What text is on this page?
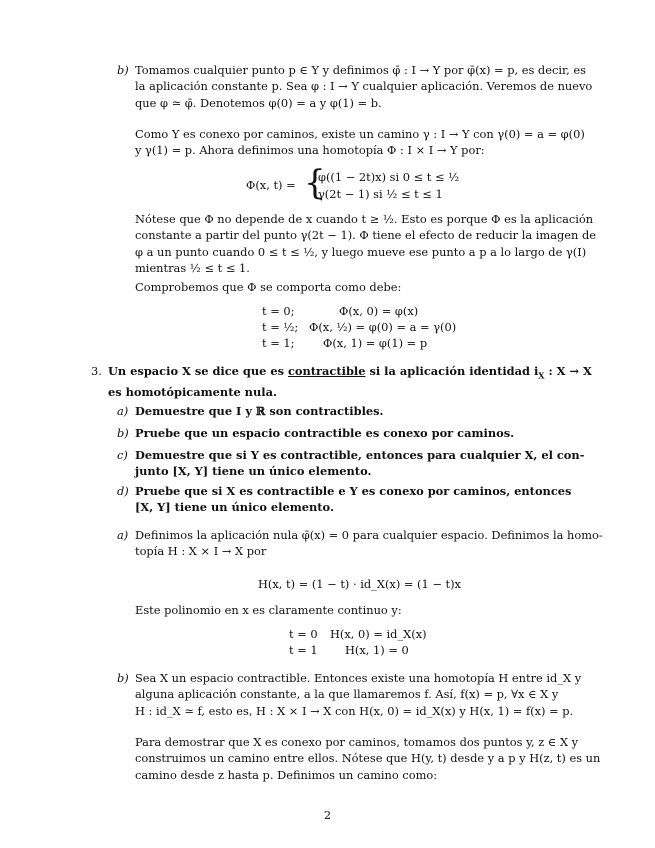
b) Tomamos cualquier punto p ∈ Y y definimos φ̄ : I → Y por φ̄(x) = p, es decir, es
la aplicación constante p. Sea φ : I → Y cualquier aplicación. Veremos de nuevo
que φ ≃ φ̄. Denotemos φ(0) = a y φ(1) = b.
Como Y es conexo por caminos, existe un camino γ : I → Y con γ(0) = a = φ(0)
y γ(1) = p. Ahora definimos una homotopía Φ : I × I → Y por:
Φ(x, t) = {
φ((1 − 2t)x) si 0 ≤ t ≤ ½
γ(2t − 1) si ½ ≤ t ≤ 1
Nótese que Φ no depende de x cuando t ≥ ½. Esto es porque Φ es la aplicación
constante a partir del punto γ(2t − 1). Φ tiene el efecto de reducir la imagen de
φ a un punto cuando 0 ≤ t ≤ ½, y luego mueve ese punto a p a lo largo de γ(I)
mientras ½ ≤ t ≤ 1.
Comprobemos que Φ se comporta como debe:
t = 0;	Φ(x, 0) = φ(x)
t = ½; Φ(x, ½) = φ(0) = a = γ(0)
t = 1;	Φ(x, 1) = φ(1) = p
3. Un espacio X se dice que es contractible si la aplicación identidad $i_X$ : X → X
es homotópicamente nula.
a) Demuestre que I y ℝ son contractibles.
b) Pruebe que un espacio contractible es conexo por caminos.
c) Demuestre que si Y es contractible, entonces para cualquier X, el con-
junto [X, Y] tiene un único elemento.
d) Pruebe que si X es contractible e Y es conexo por caminos, entonces
[X, Y] tiene un único elemento.
a) Definimos la aplicación nula φ̄(x) = 0 para cualquier espacio. Definimos la homo-
topía H : X × I → X por
H(x, t) = (1 − t) · id_X(x) = (1 − t)x
Este polinomio en x es claramente continuo y:
t = 0 H(x, 0) = id_X(x)
t = 1 H(x, 1) = 0
b) Sea X un espacio contractible. Entonces existe una homotopía H entre id_X y
alguna aplicación constante, a la que llamaremos f. Así, f(x) = p, ∀x ∈ X y
H : id_X ≃ f, esto es, H : X × I → X con H(x, 0) = id_X(x) y H(x, 1) = f(x) = p.
Para demostrar que X es conexo por caminos, tomamos dos puntos y, z ∈ X y
construimos un camino entre ellos. Nótese que H(y, t) desde y a p y H(z, t) es un
camino desde z hasta p. Definimos un camino como:
2
